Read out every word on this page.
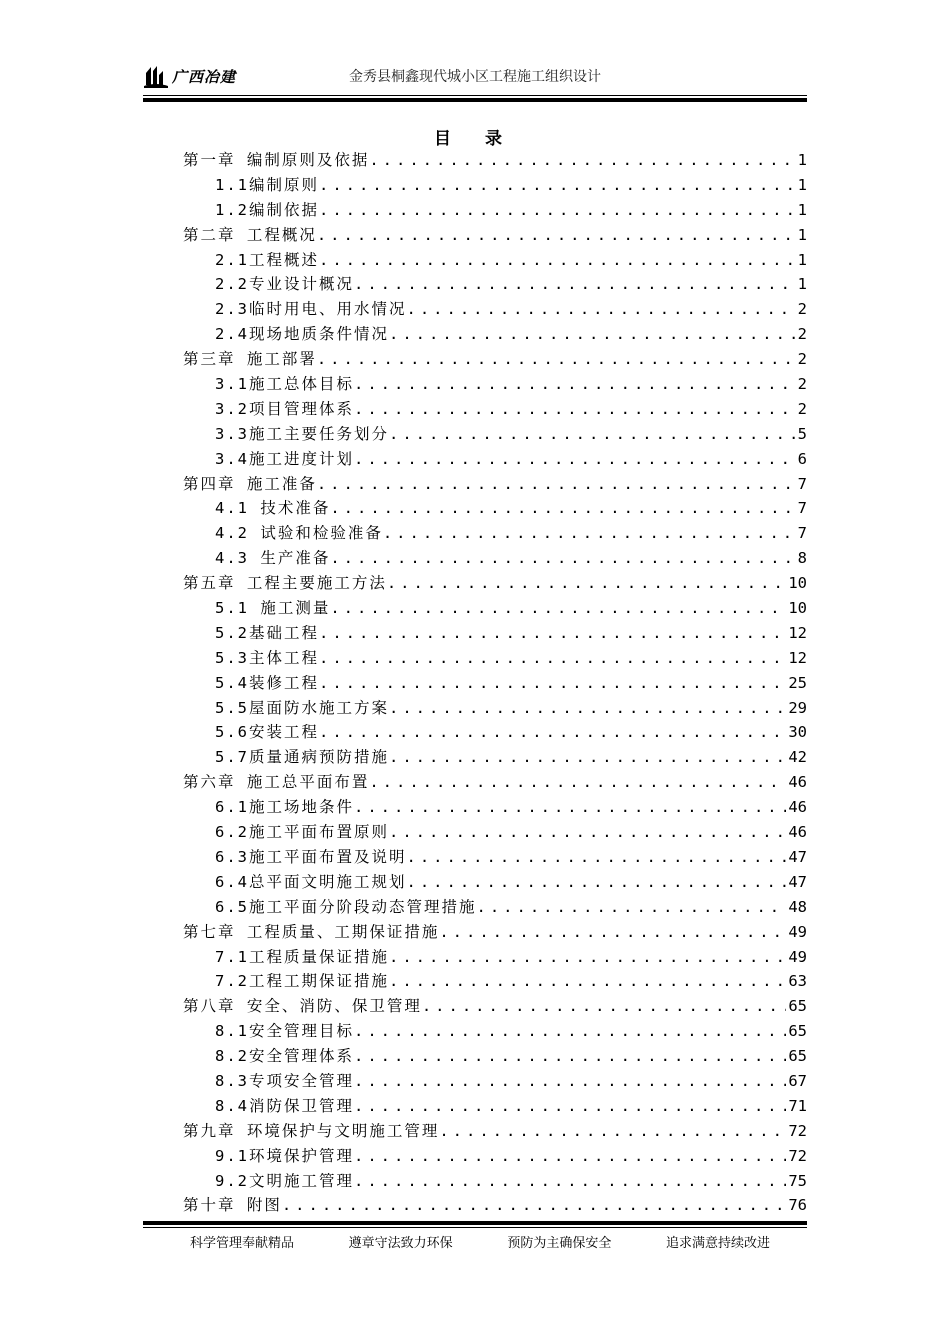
广西冶建	金秀县桐鑫现代城小区工程施工组织设计
目 录
第一章 编制原则及依据 .....	1
1.1编制原则 .....	1
1.2编制依据 .....	1
第二章 工程概况 .....	1
2.1工程概述 .....	1
2.2专业设计概况 .....	1
2.3临时用电、用水情况 .....	2
2.4现场地质条件情况 .....	2
第三章 施工部署 .....	2
3.1施工总体目标 .....	2
3.2项目管理体系 .....	2
3.3施工主要任务划分 .....	5
3.4施工进度计划 .....	6
第四章 施工准备 .....	7
4.1 技术准备 .....	7
4.2 试验和检验准备 .....	7
4.3 生产准备 .....	8
第五章 工程主要施工方法 .....	10
5.1 施工测量 .....	10
5.2基础工程 .....	12
5.3主体工程 .....	12
5.4装修工程 .....	25
5.5屋面防水施工方案 .....	29
5.6安装工程 .....	30
5.7质量通病预防措施 .....	42
第六章 施工总平面布置 .....	46
6.1施工场地条件 .....	46
6.2施工平面布置原则 .....	46
6.3施工平面布置及说明 .....	47
6.4总平面文明施工规划 .....	47
6.5施工平面分阶段动态管理措施 .....	48
第七章 工程质量、工期保证措施 .....	49
7.1工程质量保证措施 .....	49
7.2工程工期保证措施 .....	63
第八章 安全、消防、保卫管理 .....	65
8.1安全管理目标 .....	65
8.2安全管理体系 .....	65
8.3专项安全管理 .....	67
8.4消防保卫管理 .....	71
第九章 环境保护与文明施工管理 .....	72
9.1环境保护管理 .....	72
9.2文明施工管理 .....	75
第十章 附图 .....	76
科学管理奉献精品	遵章守法致力环保	预防为主确保安全	追求满意持续改进
